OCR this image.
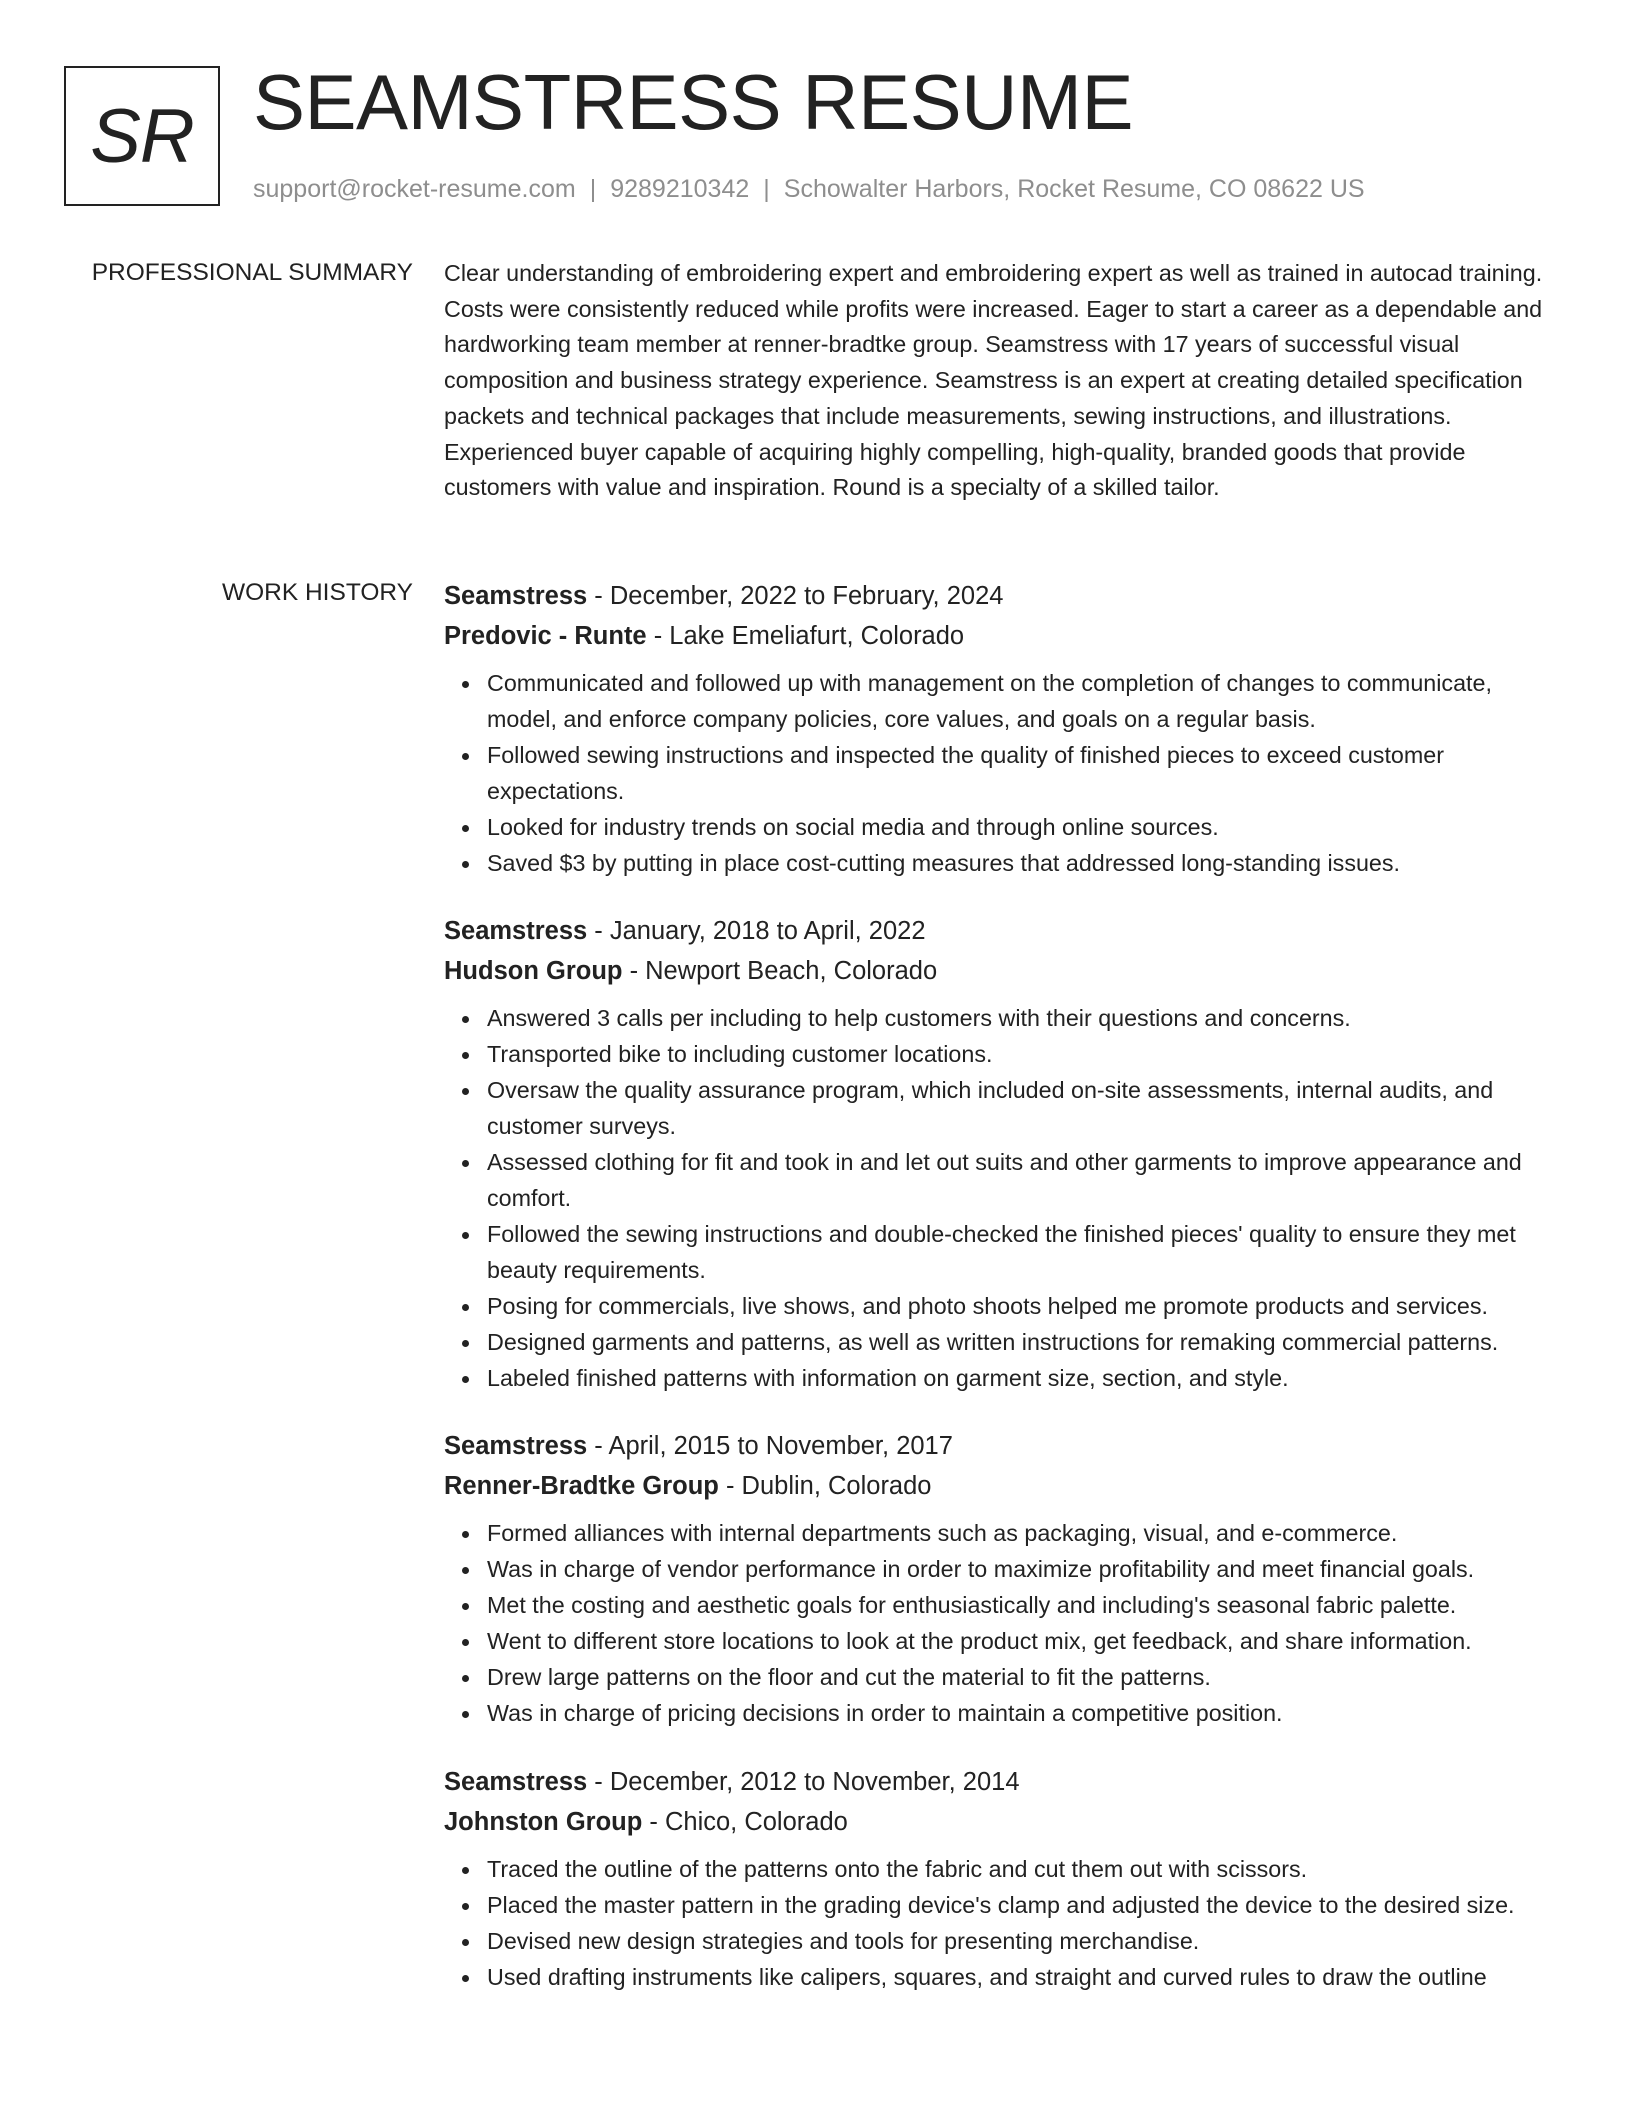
SR SEAMSTRESS RESUME
support@rocket-resume.com | 9289210342 | Schowalter Harbors, Rocket Resume, CO 08622 US
PROFESSIONAL SUMMARY Clear understanding of embroidering expert and embroidering expert as well as trained in autocad training. Costs were consistently reduced while profits were increased. Eager to start a career as a dependable and hardworking team member at renner-bradtke group. Seamstress with 17 years of successful visual composition and business strategy experience. Seamstress is an expert at creating detailed specification packets and technical packages that include measurements, sewing instructions, and illustrations. Experienced buyer capable of acquiring highly compelling, high-quality, branded goods that provide customers with value and inspiration. Round is a specialty of a skilled tailor.

WORK HISTORY Seamstress - December, 2022 to February, 2024
Predovic - Runte - Lake Emeliafurt, Colorado
Communicated and followed up with management on the completion of changes to communicate, model, and enforce company policies, core values, and goals on a regular basis.
Followed sewing instructions and inspected the quality of finished pieces to exceed customer expectations.
Looked for industry trends on social media and through online sources.
Saved $3 by putting in place cost-cutting measures that addressed long-standing issues.
Seamstress - January, 2018 to April, 2022
Hudson Group - Newport Beach, Colorado
Answered 3 calls per including to help customers with their questions and concerns.
Transported bike to including customer locations.
Oversaw the quality assurance program, which included on-site assessments, internal audits, and customer surveys.
Assessed clothing for fit and took in and let out suits and other garments to improve appearance and comfort.
Followed the sewing instructions and double-checked the finished pieces' quality to ensure they met beauty requirements.
Posing for commercials, live shows, and photo shoots helped me promote products and services.
Designed garments and patterns, as well as written instructions for remaking commercial patterns.
Labeled finished patterns with information on garment size, section, and style.
Seamstress - April, 2015 to November, 2017
Renner-Bradtke Group - Dublin, Colorado
Formed alliances with internal departments such as packaging, visual, and e-commerce.
Was in charge of vendor performance in order to maximize profitability and meet financial goals.
Met the costing and aesthetic goals for enthusiastically and including's seasonal fabric palette.
Went to different store locations to look at the product mix, get feedback, and share information.
Drew large patterns on the floor and cut the material to fit the patterns.
Was in charge of pricing decisions in order to maintain a competitive position.
Seamstress - December, 2012 to November, 2014
Johnston Group - Chico, Colorado
Traced the outline of the patterns onto the fabric and cut them out with scissors.
Placed the master pattern in the grading device's clamp and adjusted the device to the desired size.
Devised new design strategies and tools for presenting merchandise.
Used drafting instruments like calipers, squares, and straight and curved rules to draw the outline
